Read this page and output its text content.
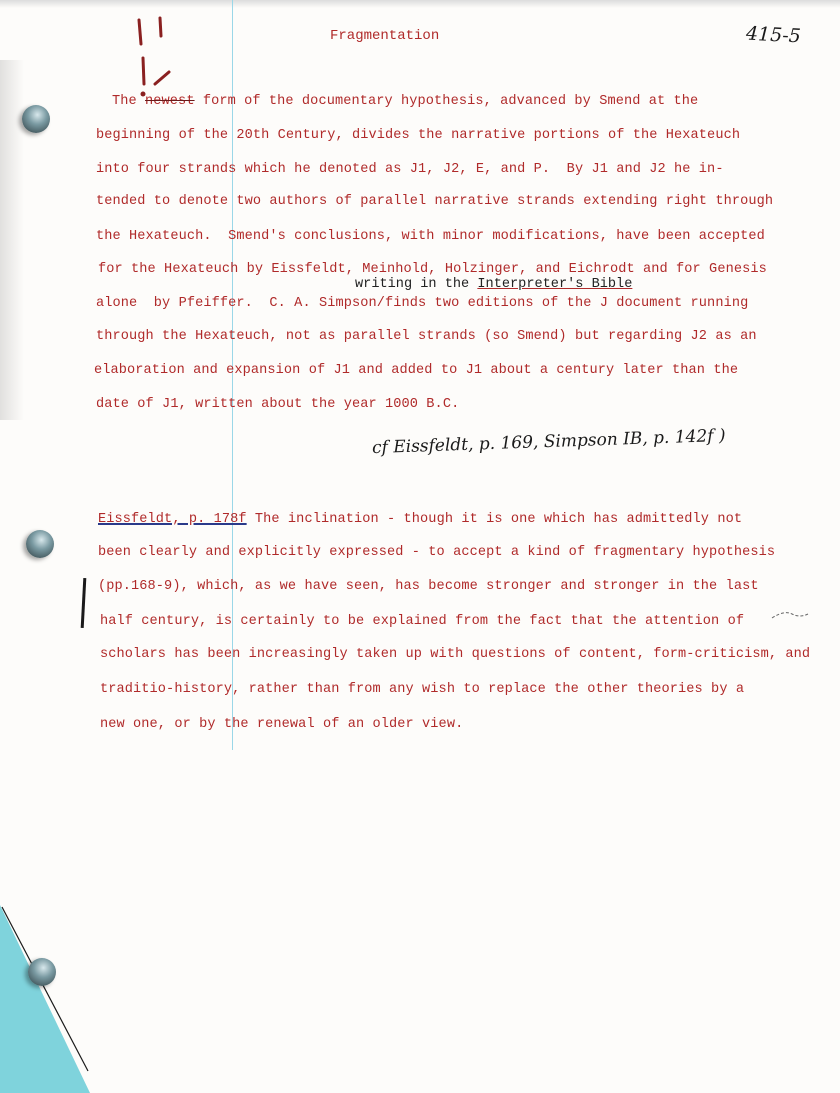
Fragmentation	415-5
The newest form of the documentary hypothesis, advanced by Smend at the
beginning of the 20th Century, divides the narrative portions of the Hexateuch
into four strands which he denoted as J1, J2, E, and P.  By J1 and J2 he in-
tended to denote two authors of parallel narrative strands extending right through
the Hexateuch.  Smend's conclusions, with minor modifications, have been accepted
for the Hexateuch by Eissfeldt, Meinhold, Holzinger, and Eichrodt and for Genesis
writing in the Interpreter's Bible
alone  by Pfeiffer.  C. A. Simpson/finds two editions of the J document running
through the Hexateuch, not as parallel strands (so Smend) but regarding J2 as an
elaboration and expansion of J1 and added to J1 about a century later than the
date of J1, written about the year 1000 B.C.
cf Eissfeldt, p. 169, Simpson IB, p. 142f )
Eissfeldt, p. 178f The inclination - though it is one which has admittedly not
been clearly and explicitly expressed - to accept a kind of fragmentary hypothesis
(pp.168-9), which, as we have seen, has become stronger and stronger in the last
half century, is certainly to be explained from the fact that the attention of
scholars has been increasingly taken up with questions of content, form-criticism, and
traditio-history, rather than from any wish to replace the other theories by a
new one, or by the renewal of an older view.
